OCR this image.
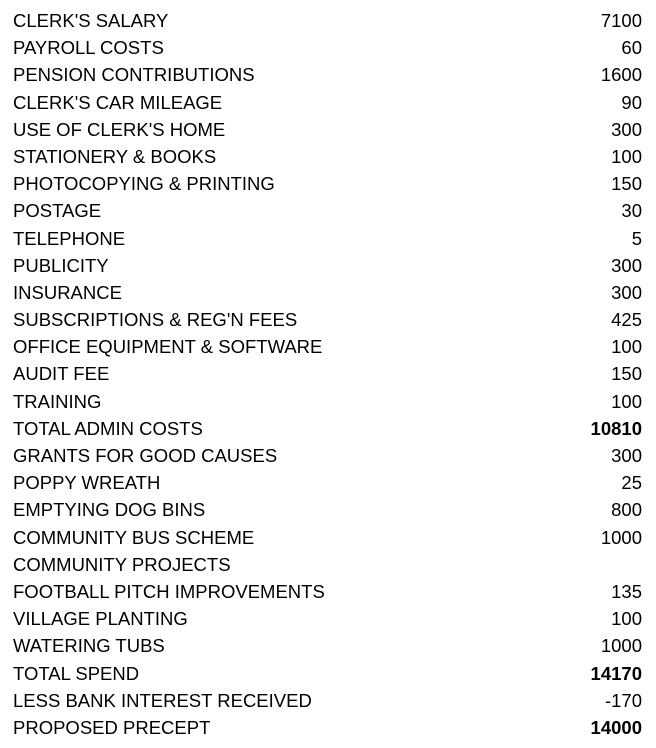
CLERK'S SALARY	7100
PAYROLL COSTS	60
PENSION CONTRIBUTIONS	1600
CLERK'S CAR MILEAGE	90
USE OF CLERK'S HOME	300
STATIONERY & BOOKS	100
PHOTOCOPYING & PRINTING	150
POSTAGE	30
TELEPHONE	5
PUBLICITY	300
INSURANCE	300
SUBSCRIPTIONS & REG'N FEES	425
OFFICE EQUIPMENT & SOFTWARE	100
AUDIT FEE	150
TRAINING	100
TOTAL ADMIN COSTS	10810
GRANTS FOR GOOD CAUSES	300
POPPY WREATH	25
EMPTYING DOG BINS	800
COMMUNITY BUS SCHEME	1000
COMMUNITY PROJECTS
FOOTBALL PITCH IMPROVEMENTS	135
VILLAGE PLANTING	100
WATERING TUBS	1000
TOTAL SPEND	14170
LESS BANK INTEREST RECEIVED	-170
PROPOSED PRECEPT	14000
